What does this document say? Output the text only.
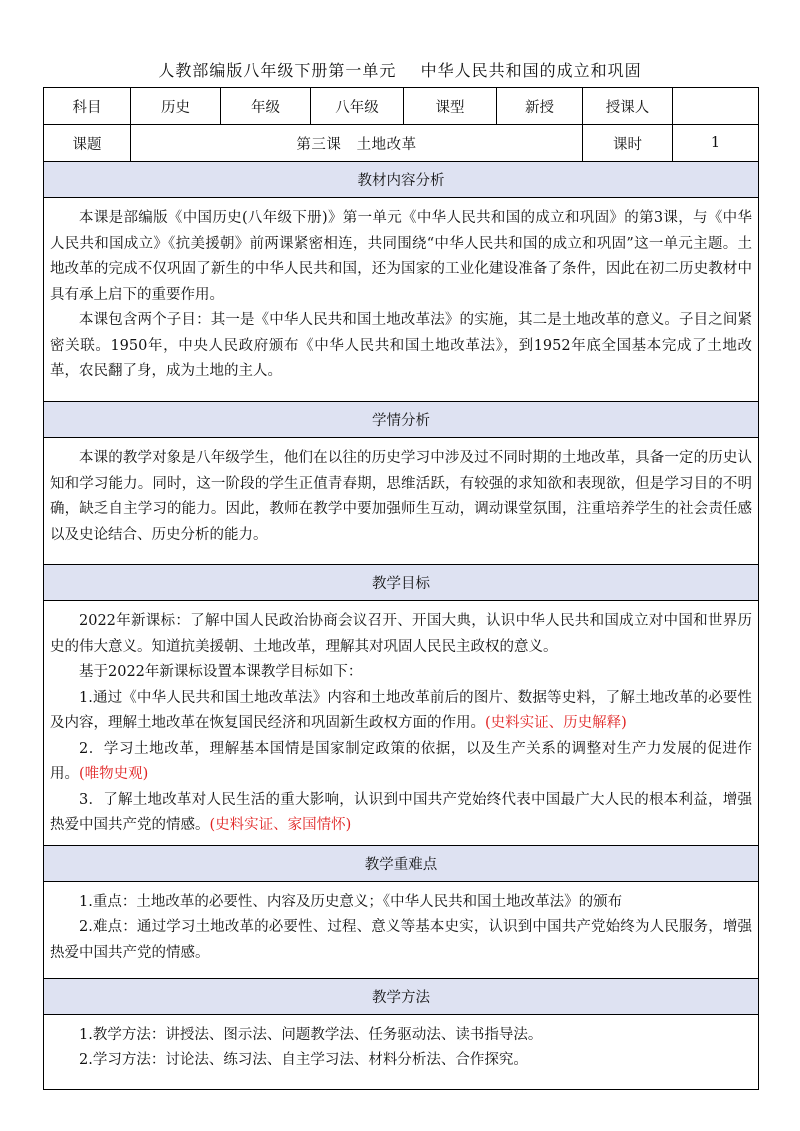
人教部编版八年级下册第一单元    中华人民共和国的成立和巩固
科目	历史	年级	八年级	课型	新授	授课人	
课题	第三课   土地改革					课时	1
教材内容分析							

本课是部编版《中国历史(八年级下册)》第一单元《中华人民共和国的成立和巩固》的第3课，与《中华人民共和国成立》《抗美援朝》前两课紧密相连，共同围绕“中华人民共和国的成立和巩固”这一单元主题。土地改革的完成不仅巩固了新生的中华人民共和国，还为国家的工业化建设准备了条件，因此在初二历史教材中具有承上启下的重要作用。

本课包含两个子目：其一是《中华人民共和国土地改革法》的实施，其二是土地改革的意义。子目之间紧密关联。1950年，中央人民政府颁布《中华人民共和国土地改革法》，到1952年底全国基本完成了土地改革，农民翻了身，成为土地的主人。							

学情分析							

本课的教学对象是八年级学生，他们在以往的历史学习中涉及过不同时期的土地改革，具备一定的历史认知和学习能力。同时，这一阶段的学生正值青春期，思维活跃，有较强的求知欲和表现欲，但是学习目的不明确，缺乏自主学习的能力。因此，教师在教学中要加强师生互动，调动课堂氛围，注重培养学生的社会责任感以及史论结合、历史分析的能力。							

教学目标							

2022年新课标：了解中国人民政治协商会议召开、开国大典，认识中华人民共和国成立对中国和世界历史的伟大意义。知道抗美援朝、土地改革，理解其对巩固人民民主政权的意义。

基于2022年新课标设置本课教学目标如下：

1.通过《中华人民共和国土地改革法》内容和土地改革前后的图片、数据等史料，了解土地改革的必要性及内容，理解土地改革在恢复国民经济和巩固新生政权方面的作用。(史料实证、历史解释)

2．学习土地改革，理解基本国情是国家制定政策的依据，以及生产关系的调整对生产力发展的促进作用。(唯物史观)

3．了解土地改革对人民生活的重大影响，认识到中国共产党始终代表中国最广大人民的根本利益，增强热爱中国共产党的情感。(史料实证、家国情怀)							

教学重难点							

1.重点：土地改革的必要性、内容及历史意义；《中华人民共和国土地改革法》的颁布

2.难点：通过学习土地改革的必要性、过程、意义等基本史实，认识到中国共产党始终为人民服务，增强热爱中国共产党的情感。							

教学方法							

1.教学方法：讲授法、图示法、问题教学法、任务驱动法、读书指导法。

2.学习方法：讨论法、练习法、自主学习法、材料分析法、合作探究。							
